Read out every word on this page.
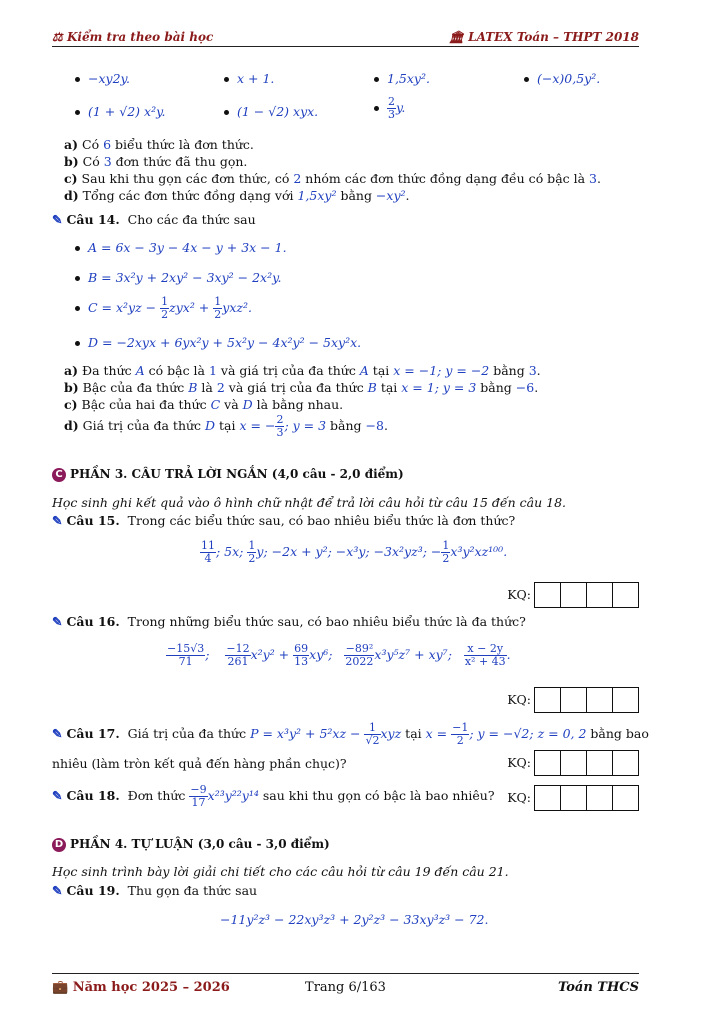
⚖ Kiểm tra theo bài học	🏛 LATEX Toán – THPT 2018
−xy2y.	x + 1.	1,5xy².	(−x)0,5y².
(1 + √2) x²y.	(1 − √2) xyx.	$\frac{2}{3} y$.
a) Có 6 biểu thức là đơn thức.
b) Có 3 đơn thức đã thu gọn.
c) Sau khi thu gọn các đơn thức, có 2 nhóm các đơn thức đồng dạng đều có bậc là 3.
d) Tổng các đơn thức đồng dạng với 1,5xy² bằng −xy².
✎ Câu 14. Cho các đa thức sau
A = 6x − 3y − 4x − y + 3x − 1.
B = 3x²y + 2xy² − 3xy² − 2x²y.
$C = x^2yz - \frac{1}{2} zyx^2 + \frac{1}{2} yxz^2$.
D = −2xyx + 6yx²y + 5x²y − 4x²y² − 5xy²x.
a) Đa thức A có bậc là 1 và giá trị của đa thức A tại x = −1; y = −2 bằng 3.
b) Bậc của đa thức B là 2 và giá trị của đa thức B tại x = 1; y = 3 bằng −6.
c) Bậc của hai đa thức C và D là bằng nhau.
d) Giá trị của đa thức D tại x = − $\frac{2}{3}$ ; y = 3 bằng −8.
C PHẦN 3. CÂU TRẢ LỜI NGẮN (4,0 câu - 2,0 điểm)
Học sinh ghi kết quả vào ô hình chữ nhật để trả lời câu hỏi từ câu 15 đến câu 18.
✎ Câu 15. Trong các biểu thức sau, có bao nhiêu biểu thức là đơn thức?
$\frac{11}{4}$ ; 5x; $\frac{1}{2} y$; −2x + y²; −x³y; −3x²yz³; − $\frac{1}{2} x^3y^2xz^{100}$.
KQ:
✎ Câu 16. Trong những biểu thức sau, có bao nhiêu biểu thức là đa thức?
$\frac{-15√3}{71}$ ; $\frac{-12}{261} x^2y^2 + \frac{69}{13} xy^6$; $\frac{\text{−89²}}{2022} x^3y^5z^7 + xy^7$; $\frac{x - 2y}{\text{x² + 43}}$ .
KQ:
✎ Câu 17. Giá trị của đa thức $P = x^3y^2 + 5^2xz - \frac{1}{√2}$ xyz tại $x = \frac{-1}{2}$ ; y = −√2; z = 0, 2 bằng bao
nhiêu (làm tròn kết quả đến hàng phần chục)?	KQ:
✎ Câu 18. Đơn thức $\frac{-9}{17} x^{23}y^{22}y^{14}$ sau khi thu gọn có bậc là bao nhiêu? KQ:
D PHẦN 4. TỰ LUẬN (3,0 câu - 3,0 điểm)
Học sinh trình bày lời giải chi tiết cho các câu hỏi từ câu 19 đến câu 21.
✎ Câu 19. Thu gọn đa thức sau
−11y²z³ − 22xy³z³ + 2y²z³ − 33xy³z³ − 72.
💼 Năm học 2025 – 2026	Trang 6/163	Toán THCS
